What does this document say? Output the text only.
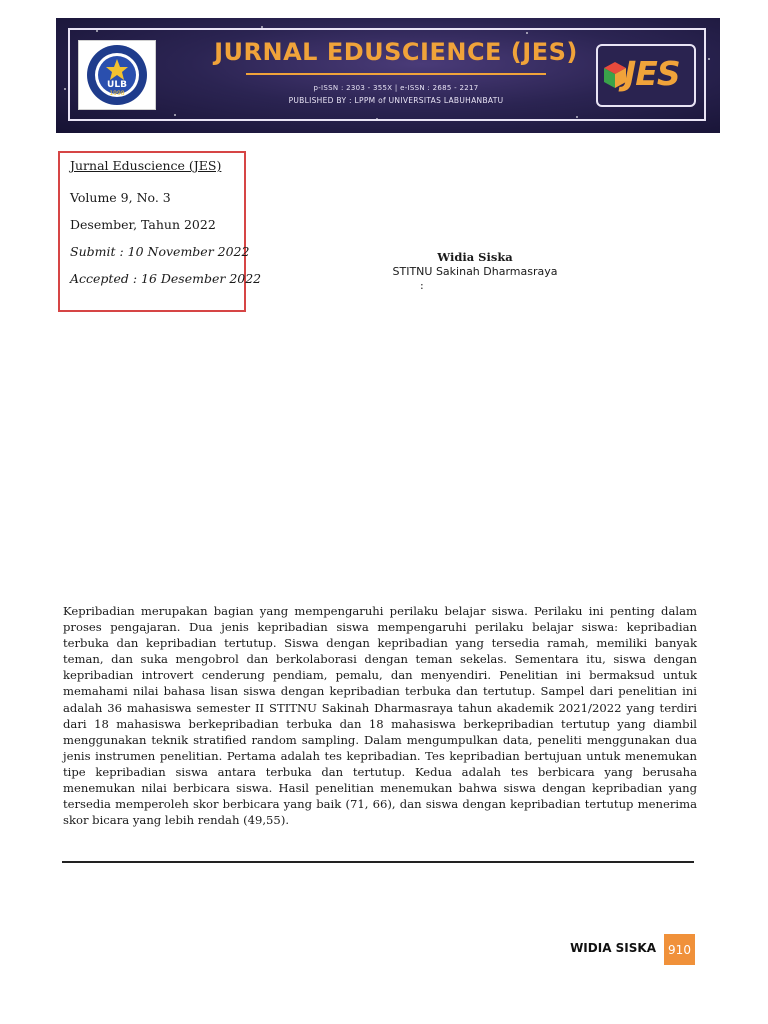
ULB
1998
JURNAL EDUSCIENCE (JES)
p-ISSN : 2303 - 355X | e-ISSN : 2685 - 2217
PUBLISHED BY : LPPM of UNIVERSITAS LABUHANBATU
JES
Jurnal Eduscience (JES)
Volume 9, No. 3
Desember, Tahun 2022
Submit : 10 November 2022
Accepted : 16 Desember 2022
Widia Siska
STITNU Sakinah Dharmasraya
:
Kepribadian merupakan bagian yang mempengaruhi perilaku belajar siswa. Perilaku ini penting dalam proses pengajaran. Dua jenis kepribadian siswa mempengaruhi perilaku belajar siswa: kepribadian terbuka dan kepribadian tertutup. Siswa dengan kepribadian yang tersedia ramah, memiliki banyak teman, dan suka mengobrol dan berkolaborasi dengan teman sekelas. Sementara itu, siswa dengan kepribadian introvert cenderung pendiam, pemalu, dan menyendiri. Penelitian ini bermaksud untuk memahami nilai bahasa lisan siswa dengan kepribadian terbuka dan tertutup. Sampel dari penelitian ini adalah 36 mahasiswa semester II STITNU Sakinah Dharmasraya tahun akademik 2021/2022 yang terdiri dari 18 mahasiswa berkepribadian terbuka dan 18 mahasiswa berkepribadian tertutup yang diambil menggunakan teknik stratified random sampling. Dalam mengumpulkan data, peneliti menggunakan dua jenis instrumen penelitian. Pertama adalah tes kepribadian. Tes kepribadian bertujuan untuk menemukan tipe kepribadian siswa antara terbuka dan tertutup. Kedua adalah tes berbicara yang berusaha menemukan nilai berbicara siswa. Hasil penelitian menemukan bahwa siswa dengan kepribadian yang tersedia memperoleh skor berbicara yang baik (71, 66), dan siswa dengan kepribadian tertutup menerima skor bicara yang lebih rendah (49,55).
WIDIA SISKA	910
